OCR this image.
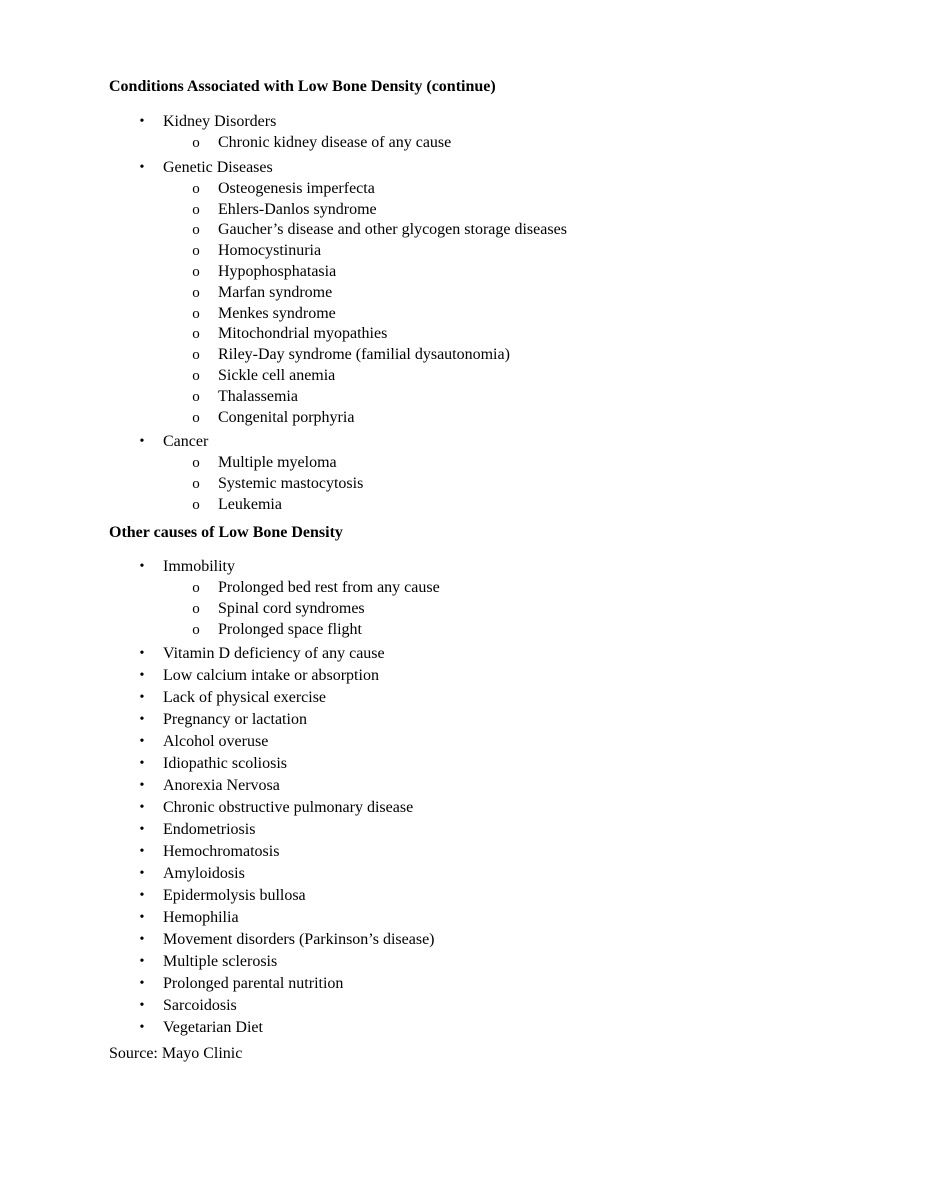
Conditions Associated with Low Bone Density (continue)
• Kidney Disorders
o Chronic kidney disease of any cause
• Genetic Diseases
o Osteogenesis imperfecta
o Ehlers-Danlos syndrome
o Gaucher’s disease and other glycogen storage diseases
o Homocystinuria
o Hypophosphatasia
o Marfan syndrome
o Menkes syndrome
o Mitochondrial myopathies
o Riley-Day syndrome (familial dysautonomia)
o Sickle cell anemia
o Thalassemia
o Congenital porphyria
• Cancer
o Multiple myeloma
o Systemic mastocytosis
o Leukemia
Other causes of Low Bone Density
• Immobility
o Prolonged bed rest from any cause
o Spinal cord syndromes
o Prolonged space flight
• Vitamin D deficiency of any cause
• Low calcium intake or absorption
• Lack of physical exercise
• Pregnancy or lactation
• Alcohol overuse
• Idiopathic scoliosis
• Anorexia Nervosa
• Chronic obstructive pulmonary disease
• Endometriosis
• Hemochromatosis
• Amyloidosis
• Epidermolysis bullosa
• Hemophilia
• Movement disorders (Parkinson’s disease)
• Multiple sclerosis
• Prolonged parental nutrition
• Sarcoidosis
• Vegetarian Diet
Source: Mayo Clinic
